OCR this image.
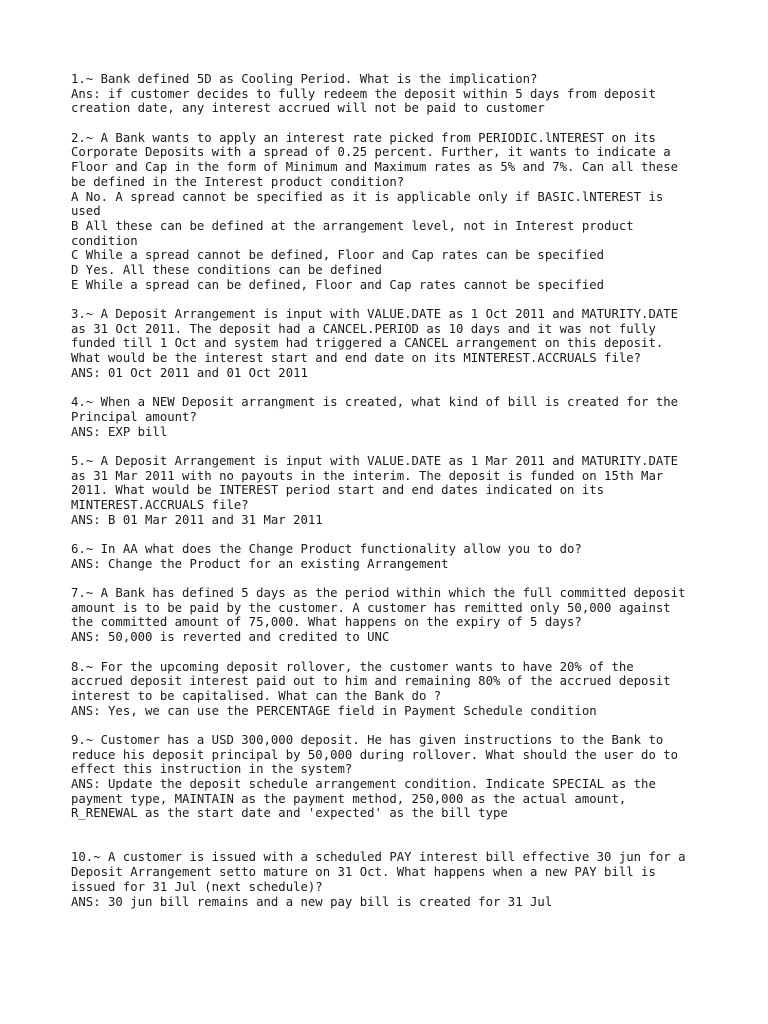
1.~ Bank defined 5D as Cooling Period. What is the implication?
Ans: if customer decides to fully redeem the deposit within 5 days from deposit
creation date, any interest accrued will not be paid to customer
2.~ A Bank wants to apply an interest rate picked from PERIODIC.lNTEREST on its
Corporate Deposits with a spread of 0.25 percent. Further, it wants to indicate a
Floor and Cap in the form of Minimum and Maximum rates as 5% and 7%. Can all these
be defined in the Interest product condition?
A No. A spread cannot be specified as it is applicable only if BASIC.lNTEREST is
used
B All these can be defined at the arrangement level, not in Interest product
condition
C While a spread cannot be defined, Floor and Cap rates can be specified
D Yes. All these conditions can be defined
E While a spread can be defined, Floor and Cap rates cannot be specified
3.~ A Deposit Arrangement is input with VALUE.DATE as 1 Oct 2011 and MATURITY.DATE
as 31 Oct 2011. The deposit had a CANCEL.PERIOD as 10 days and it was not fully
funded till 1 Oct and system had triggered a CANCEL arrangement on this deposit.
What would be the interest start and end date on its MINTEREST.ACCRUALS file?
ANS: 01 Oct 2011 and 01 Oct 2011
4.~ When a NEW Deposit arrangment is created, what kind of bill is created for the
Principal amount?
ANS: EXP bill
5.~ A Deposit Arrangement is input with VALUE.DATE as 1 Mar 2011 and MATURITY.DATE
as 31 Mar 2011 with no payouts in the interim. The deposit is funded on 15th Mar
2011. What would be INTEREST period start and end dates indicated on its
MINTEREST.ACCRUALS file?
ANS: B 01 Mar 2011 and 31 Mar 2011
6.~ In AA what does the Change Product functionality allow you to do?
ANS: Change the Product for an existing Arrangement
7.~ A Bank has defined 5 days as the period within which the full committed deposit
amount is to be paid by the customer. A customer has remitted only 50,000 against
the committed amount of 75,000. What happens on the expiry of 5 days?
ANS: 50,000 is reverted and credited to UNC
8.~ For the upcoming deposit rollover, the customer wants to have 20% of the
accrued deposit interest paid out to him and remaining 80% of the accrued deposit
interest to be capitalised. What can the Bank do ?
ANS: Yes, we can use the PERCENTAGE field in Payment Schedule condition
9.~ Customer has a USD 300,000 deposit. He has given instructions to the Bank to
reduce his deposit principal by 50,000 during rollover. What should the user do to
effect this instruction in the system?
ANS: Update the deposit schedule arrangement condition. Indicate SPECIAL as the
payment type, MAINTAIN as the payment method, 250,000 as the actual amount,
R_RENEWAL as the start date and 'expected' as the bill type
10.~ A customer is issued with a scheduled PAY interest bill effective 30 jun for a
Deposit Arrangement setto mature on 31 Oct. What happens when a new PAY bill is
issued for 31 Jul (next schedule)?
ANS: 30 jun bill remains and a new pay bill is created for 31 Jul
